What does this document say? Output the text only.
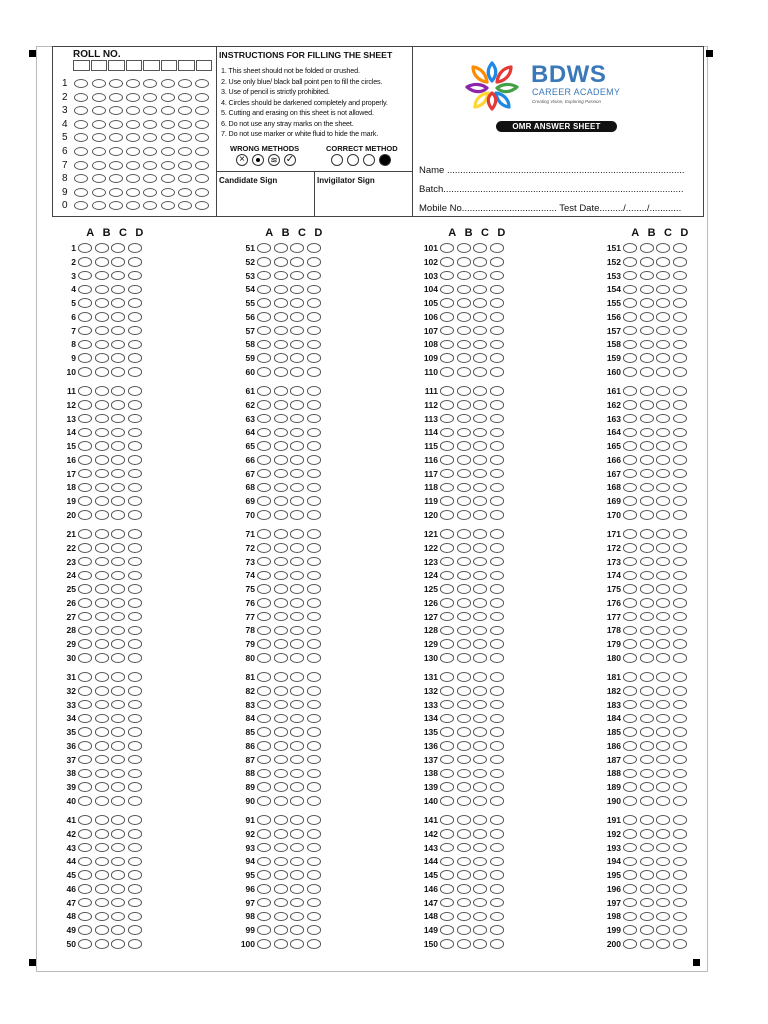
ROLL NO.
1
2
3
4
5
6
7
8
9
0
INSTRUCTIONS FOR FILLING THE SHEET
1. This sheet should not be folded or crushed.
2. Use only blue/ black ball point pen to fill the circles.
3. Use of pencil is strictly prohibited.
4. Circles should be darkened completely and properly.
5. Cutting and erasing on this sheet is not allowed.
6. Do not use any stray marks on the sheet.
7. Do not use marker or white fluid to hide the mark.
WRONG METHODS	CORRECT METHOD
×	≋ ✓
Candidate Sign	Invigilator Sign
BDWS
CAREER ACADEMY
Creating Vision, Exploring Passion
OMR ANSWER SHEET
Name ..........................................................................................
Batch...........................................................................................
Mobile No.................................... Test Date........./......../............
A B C D
1
2
3
4
5
6
7
8
9
10
11
12
13
14
15
16
17
18
19
20
21
22
23
24
25
26
27
28
29
30
31
32
33
34
35
36
37
38
39
40
41
42
43
44
45
46
47
48
49
50
A B C D
51
52
53
54
55
56
57
58
59
60
61
62
63
64
65
66
67
68
69
70
71
72
73
74
75
76
77
78
79
80
81
82
83
84
85
86
87
88
89
90
91
92
93
94
95
96
97
98
99
100
A B C D
101
102
103
104
105
106
107
108
109
110
111
112
113
114
115
116
117
118
119
120
121
122
123
124
125
126
127
128
129
130
131
132
133
134
135
136
137
138
139
140
141
142
143
144
145
146
147
148
149
150
A B C D
151
152
153
154
155
156
157
158
159
160
161
162
163
164
165
166
167
168
169
170
171
172
173
174
175
176
177
178
179
180
181
182
183
184
185
186
187
188
189
190
191
192
193
194
195
196
197
198
199
200
